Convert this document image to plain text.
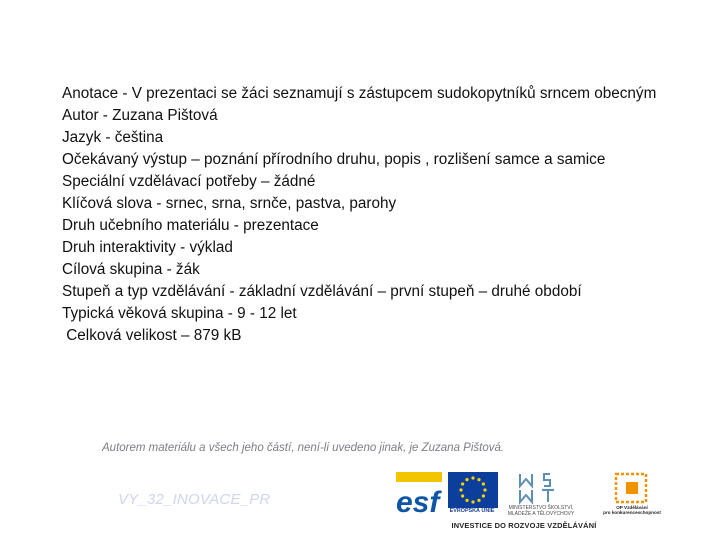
Anotace - V prezentaci se žáci seznamují s zástupcem sudokopytníků srncem obecným
Autor - Zuzana Pištová
Jazyk - čeština
Očekávaný výstup – poznání přírodního druhu, popis , rozlišení samce a samice
Speciální vzdělávací potřeby – žádné
Klíčová slova - srnec, srna, srnče, pastva, parohy
Druh učebního materiálu - prezentace
Druh interaktivity - výklad
Cílová skupina - žák
Stupeň a typ vzdělávání - základní vzdělávání – první stupeň – druhé období
Typická věková skupina - 9 - 12 let
Celková velikost – 879 kB
Autorem materiálu a všech jeho částí, není-li uvedeno jinak, je Zuzana Pištová.
VY_32_INOVACE_PR	esf	EVROPSKÁ UNIE	MINISTERSTVO ŠKOLSTVÍ,
MLÁDEŽE A TĚLOVÝCHOVY
OP Vzdělávání
pro konkurenceschopnost
INVESTICE DO ROZVOJE VZDĚLÁVÁNÍ
